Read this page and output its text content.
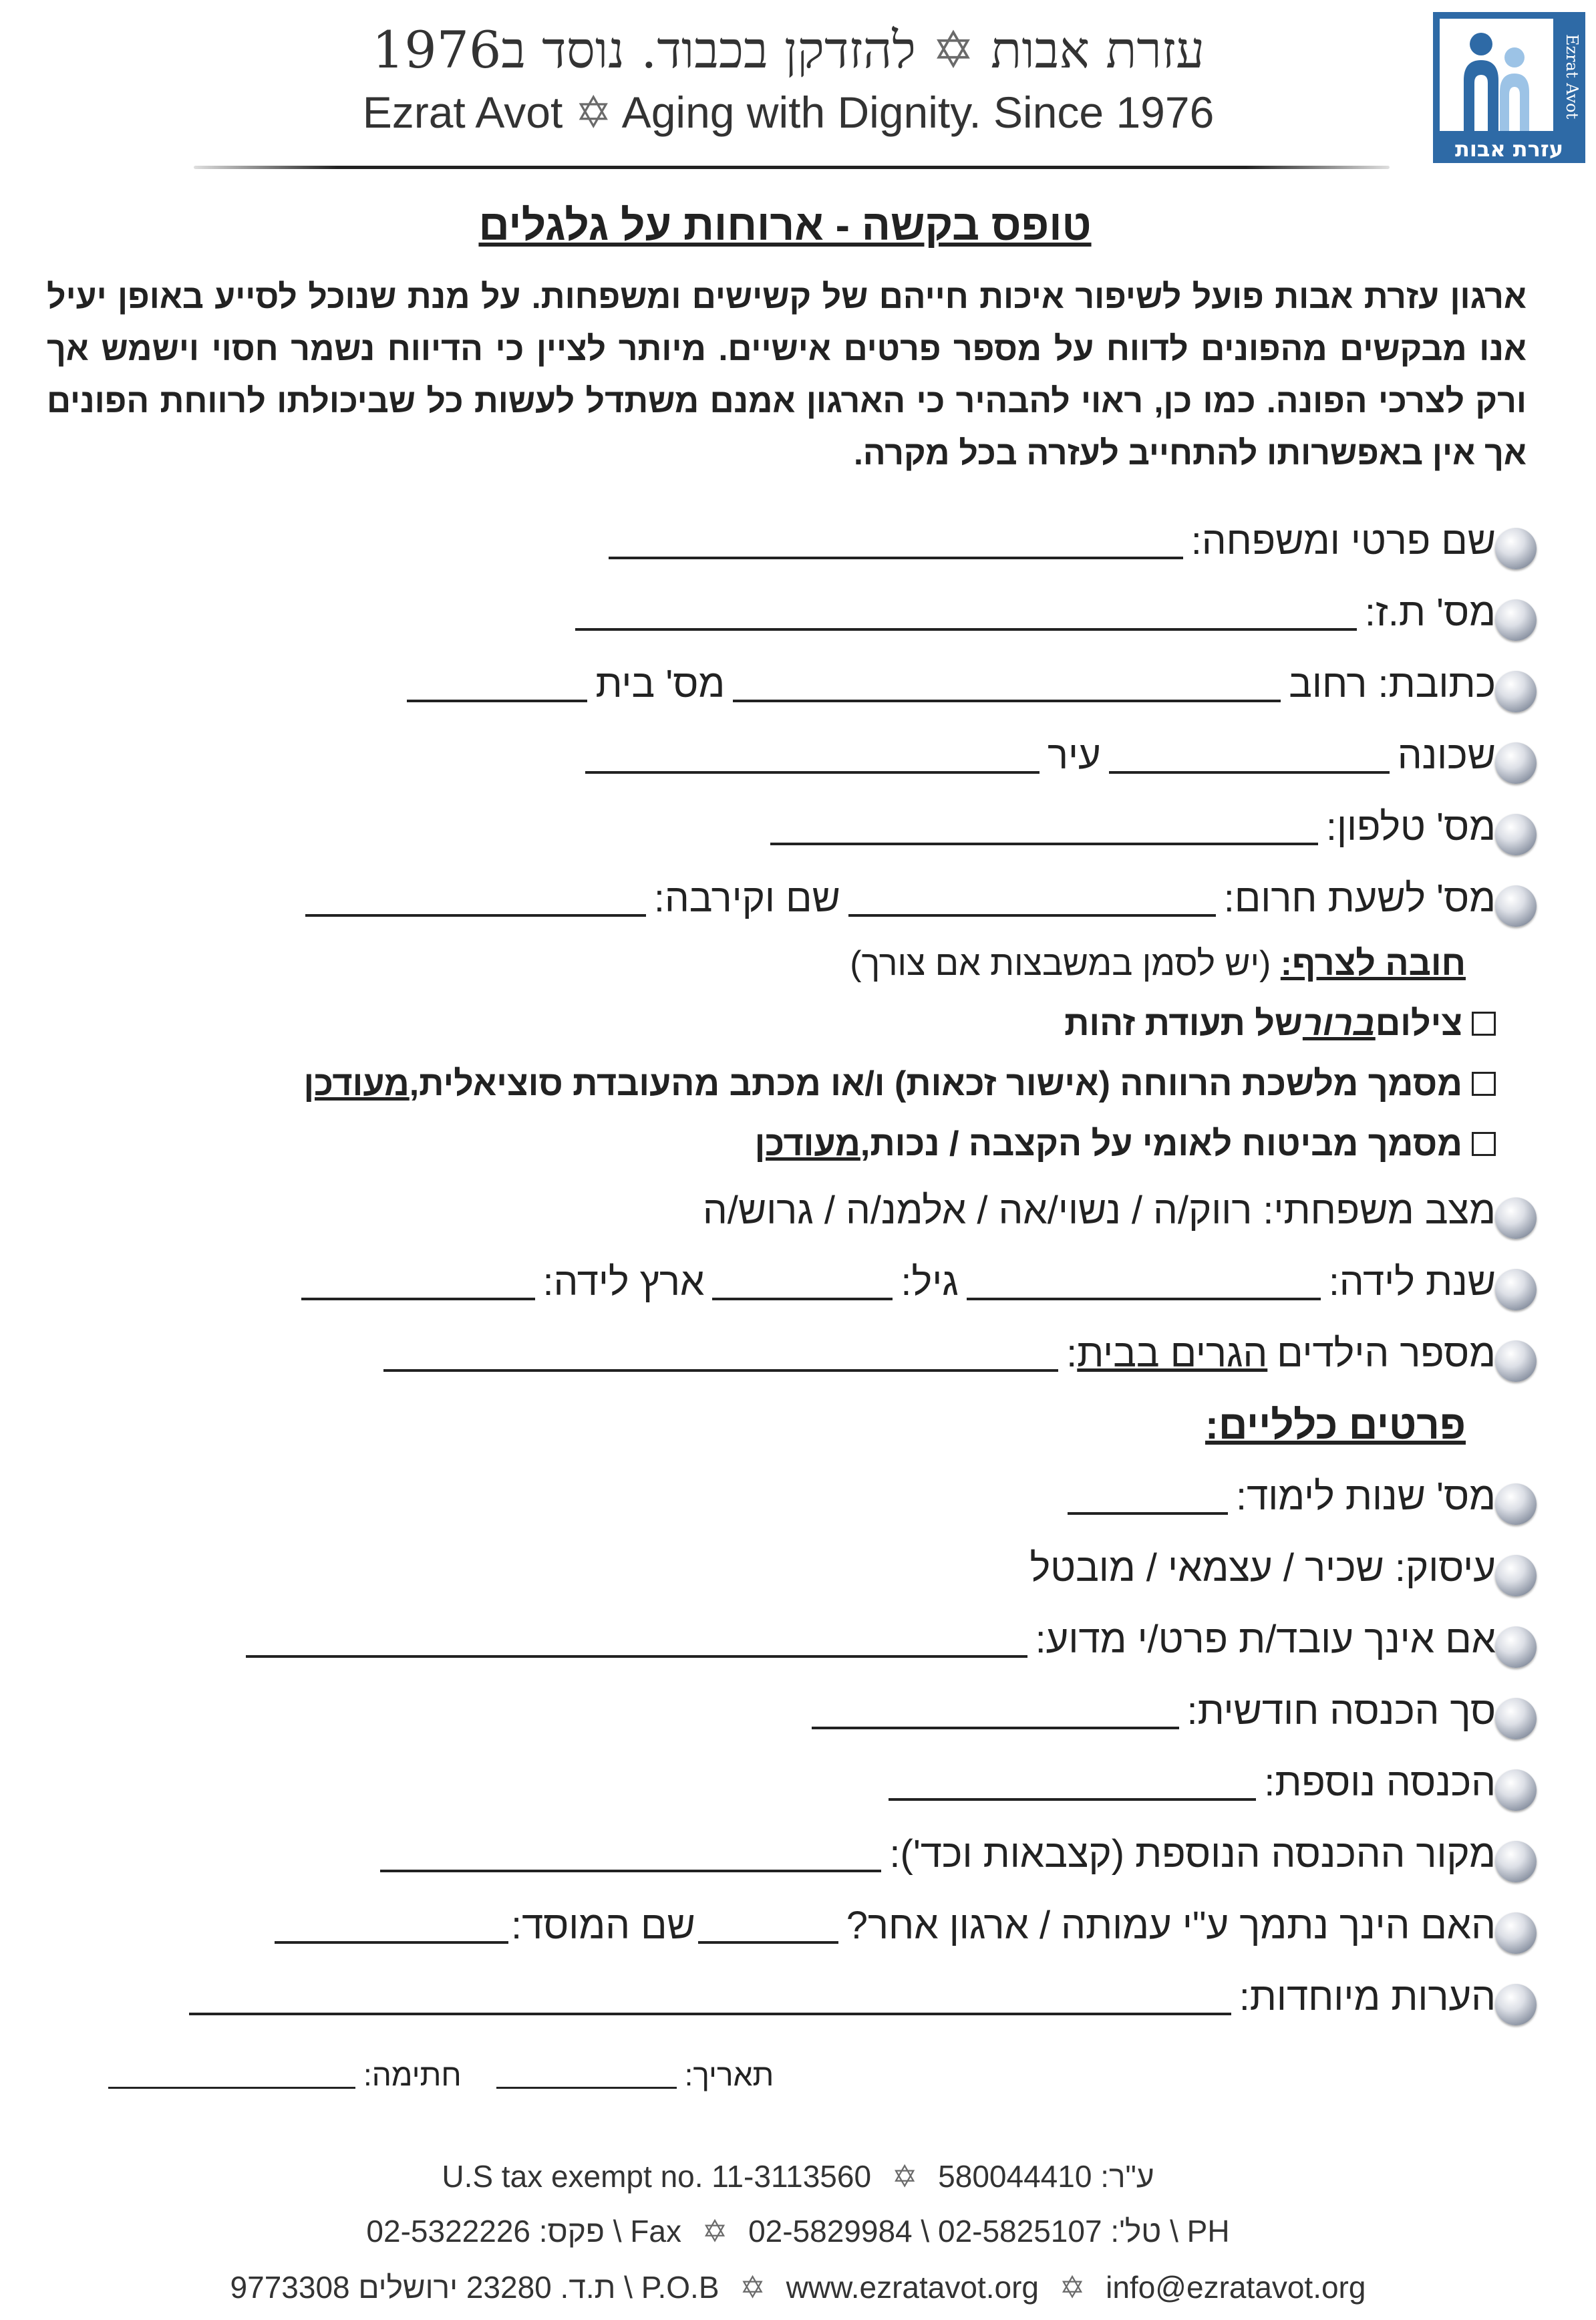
Ezrat Avot
עזרת אבות
עזרת אבות ✡ להזדקן בכבוד. נוסד ב1976
Ezrat Avot ✡ Aging with Dignity. Since 1976
טופס בקשה - ארוחות על גלגלים
ארגון עזרת אבות פועל לשיפור איכות חייהם של קשישים ומשפחות. על מנת שנוכל לסייע באופן יעיל אנו מבקשים מהפונים לדווח על מספר פרטים אישיים. מיותר לציין כי הדיווח נשמר חסוי וישמש אך ורק לצרכי הפונה. כמו כן, ראוי להבהיר כי הארגון אמנם משתדל לעשות כל שביכולתו לרווחת הפונים אך אין באפשרותו להתחייב לעזרה בכל מקרה.
שם פרטי ומשפחה:
מס' ת.ז:
כתובת: רחוב
מס' בית
שכונה
עיר
מס' טלפון:
מס' לשעת חרום:
שם וקירבה:
חובה לצרף: (יש לסמן במשבצות אם צורך)
צילום
ברור
של תעודת זהות
מסמך מלשכת הרווחה (אישור זכאות) ו/או מכתב מהעובדת סוציאלית,
מעודכן
מסמך מביטוח לאומי על הקצבה / נכות,
מעודכן
מצב משפחתי:
רווק/ה / נשוי/אה / אלמנ/ה / גרוש/ה
שנת לידה:
גיל:
ארץ לידה:
מספר הילדים
הגרים בבית
:
פרטים כלליים:
מס' שנות לימוד:
עיסוק:
שכיר / עצמאי / מובטל
אם אינך עובד/ת פרט/י מדוע:
סך הכנסה חודשית:
הכנסה נוספת:
מקור ההכנסה הנוספת (קצבאות וכד'):
האם הינך נתמך ע"י עמותה / ארגון אחר?
שם המוסד:
הערות מיוחדות:
תאריך:
חתימה:
U.S tax exempt no. 11-3113560 ✡	ע"ר: 580044410
Fax \ פקס: 02-5322226 ✡	PH \ טל': 02-5825107 \ 02-5829984
P.O.B \ ת.ד. 23280 ירושלים 9773308 ✡ www.ezratavot.org ✡ info@ezratavot.org
